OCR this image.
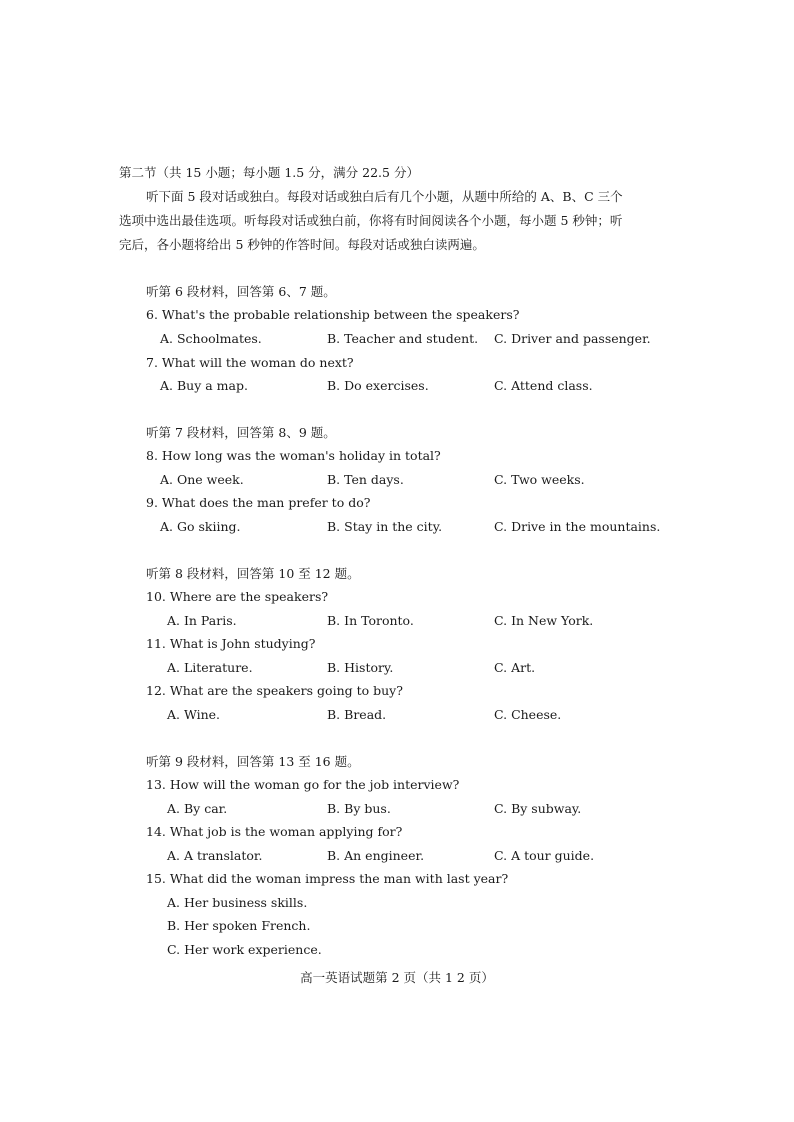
第二节（共 15 小题；每小题 1.5 分，满分 22.5 分）
听下面 5 段对话或独白。每段对话或独白后有几个小题，从题中所给的 A、B、C 三个
选项中选出最佳选项。听每段对话或独白前，你将有时间阅读各个小题，每小题 5 秒钟；听
完后，各小题将给出 5 秒钟的作答时间。每段对话或独白读两遍。
听第 6 段材料，回答第 6、7 题。
6. What's the probable relationship between the speakers?
A. Schoolmates.	B. Teacher and student. C. Driver and passenger.
7. What will the woman do next?
A. Buy a map.	B. Do exercises.	C. Attend class.
听第 7 段材料，回答第 8、9 题。
8. How long was the woman's holiday in total?
A. One week.	B. Ten days.	C. Two weeks.
9. What does the man prefer to do?
A. Go skiing.	B. Stay in the city.	C. Drive in the mountains.
听第 8 段材料，回答第 10 至 12 题。
10. Where are the speakers?
A. In Paris.	B. In Toronto.	C. In New York.
11. What is John studying?
A. Literature.	B. History.	C. Art.
12. What are the speakers going to buy?
A. Wine.	B. Bread.	C. Cheese.
听第 9 段材料，回答第 13 至 16 题。
13. How will the woman go for the job interview?
A. By car.	B. By bus.	C. By subway.
14. What job is the woman applying for?
A. A translator.	B. An engineer.	C. A tour guide.
15. What did the woman impress the man with last year?
A. Her business skills.
B. Her spoken French.
C. Her work experience.
高一英语试题第 2 页（共 1 2 页）
